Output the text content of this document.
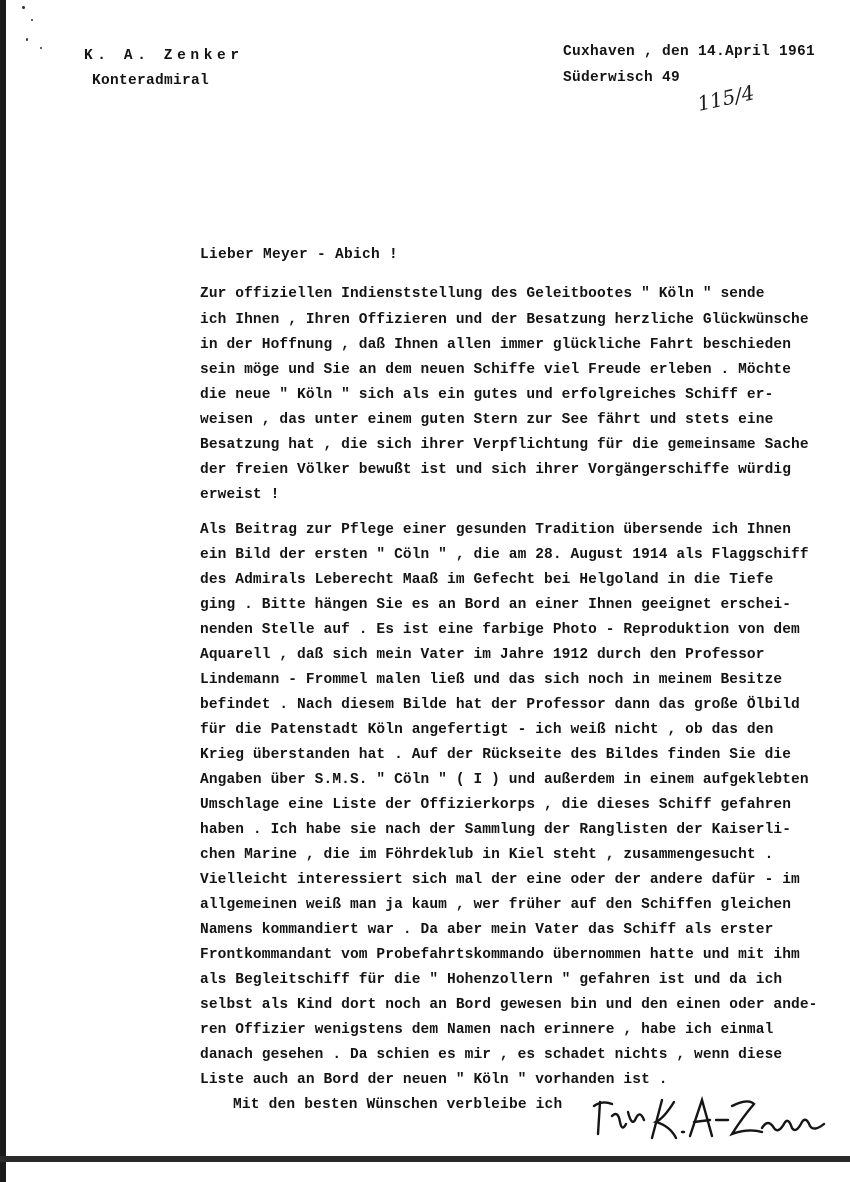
K. A. Zenker
Konteradmiral
Cuxhaven , den 14.April 1961
Süderwisch 49
115/4
Lieber Meyer - Abich !
Zur offiziellen Indienststellung des Geleitbootes " Köln " sende
ich Ihnen , Ihren Offizieren und der Besatzung herzliche Glückwünsche
in der Hoffnung , daß Ihnen allen immer glückliche Fahrt beschieden
sein möge und Sie an dem neuen Schiffe viel Freude erleben . Möchte
die neue " Köln " sich als ein gutes und erfolgreiches Schiff er-
weisen , das unter einem guten Stern zur See fährt und stets eine
Besatzung hat , die sich ihrer Verpflichtung für die gemeinsame Sache
der freien Völker bewußt ist und sich ihrer Vorgängerschiffe würdig
erweist !
Als Beitrag zur Pflege einer gesunden Tradition übersende ich Ihnen
ein Bild der ersten " Cöln " , die am 28. August 1914 als Flaggschiff
des Admirals Leberecht Maaß im Gefecht bei Helgoland in die Tiefe
ging . Bitte hängen Sie es an Bord an einer Ihnen geeignet erschei-
nenden Stelle auf . Es ist eine farbige Photo - Reproduktion von dem
Aquarell , daß sich mein Vater im Jahre 1912 durch den Professor
Lindemann - Frommel malen ließ und das sich noch in meinem Besitze
befindet . Nach diesem Bilde hat der Professor dann das große Ölbild
für die Patenstadt Köln angefertigt - ich weiß nicht , ob das den
Krieg überstanden hat . Auf der Rückseite des Bildes finden Sie die
Angaben über S.M.S. " Cöln " ( I ) und außerdem in einem aufgeklebten
Umschlage eine Liste der Offizierkorps , die dieses Schiff gefahren
haben . Ich habe sie nach der Sammlung der Ranglisten der Kaiserli-
chen Marine , die im Föhrdeklub in Kiel steht , zusammengesucht .
Vielleicht interessiert sich mal der eine oder der andere dafür - im
allgemeinen weiß man ja kaum , wer früher auf den Schiffen gleichen
Namens kommandiert war . Da aber mein Vater das Schiff als erster
Frontkommandant vom Probefahrtskommando übernommen hatte und mit ihm
als Begleitschiff für die " Hohenzollern " gefahren ist und da ich
selbst als Kind dort noch an Bord gewesen bin und den einen oder ande-
ren Offizier wenigstens dem Namen nach erinnere , habe ich einmal
danach gesehen . Da schien es mir , es schadet nichts , wenn diese
Liste auch an Bord der neuen " Köln " vorhanden ist .
Mit den besten Wünschen verbleibe ich
